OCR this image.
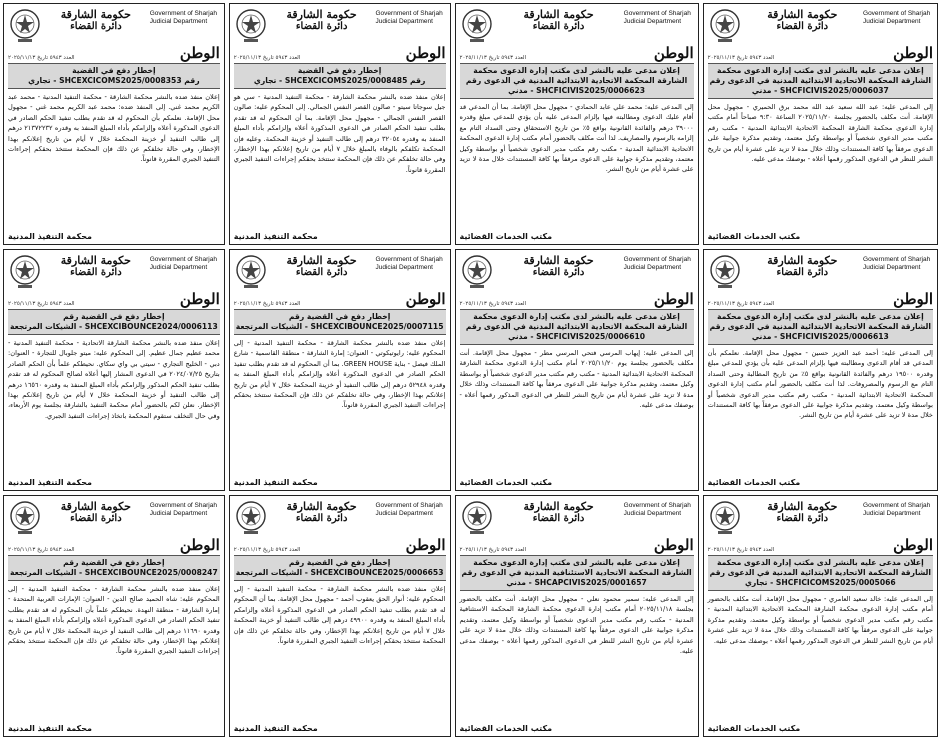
حكومة الشارقة
دائرة القضاء
Government of Sharjah
Judicial Department
العدد ٥٩٤٣ تاريخ ٢٠٢٥/١١/١٣	الوطن
إخطار دفع في القضية
رقم SHCEXCICOMS2025/0008353 - تجاري
إعلان منفذ ضده بالنشر محكمة الشارقة - محكمة التنفيذ المدنية - محمد عبد الكريم محمد غني. إلى المنفذ ضده: محمد عبد الكريم محمد غني - مجهول محل الإقامة. نعلمكم بأن المحكوم له قد تقدم بطلب تنفيذ الحكم الصادر في الدعوى المذكورة أعلاه وإلزامكم بأداء المبلغ المنفذ به وقدره ٢١٣٧٢٢٣٢ درهم إلى طالب التنفيذ أو خزينة المحكمة خلال ٧ أيام من تاريخ إعلانكم بهذا الإخطار، وفي حالة تخلفكم عن ذلك فإن المحكمة ستتخذ بحقكم إجراءات التنفيذ الجبري المقررة قانوناً.
محكمة التنفيذ المدنية
حكومة الشارقة
دائرة القضاء
Government of Sharjah
Judicial Department
العدد ٥٩٤٣ تاريخ ٢٠٢٥/١١/١٣	الوطن
إخطار دفع في القضية
رقم SHCEXCICOMS2025/0008485 - تجاري
إعلان منفذ ضده بالنشر محكمة الشارقة - محكمة التنفيذ المدنية - سي هو جيل سوجاتا سيتو - صالون القصر النفس الجمالي. إلى المحكوم عليه: صالون القصر النفس الجمالي - مجهول محل الإقامة. بما أن المحكوم له قد تقدم بطلب تنفيذ الحكم الصادر في الدعوى المذكورة أعلاه وإلزامكم بأداء المبلغ المنفذ به وقدره ٣٢٠٥٤ درهم إلى طالب التنفيذ أو خزينة المحكمة. وعليه فإن المحكمة تكلفكم بالوفاء بالمبلغ خلال ٧ أيام من تاريخ إعلانكم بهذا الإخطار، وفي حالة تخلفكم عن ذلك فإن المحكمة ستتخذ بحقكم إجراءات التنفيذ الجبري المقررة قانوناً.
محكمة التنفيذ المدنية
حكومة الشارقة
دائرة القضاء
Government of Sharjah
Judicial Department
العدد ٥٩٤٣ تاريخ ٢٠٢٥/١١/١٣	الوطن
إعلان مدعى عليه بالنشر لدى مكتب إدارة الدعوى محكمة
الشارقة المحكمة الاتحادية الابتدائية المدنية في الدعوى رقم
SHCFICIVIS2025/0006623 - مدني
إلى المدعى عليه: محمد علي عابد الحمادي - مجهول محل الإقامة. بما أن المدعي قد أقام عليك الدعوى ومطالبته فيها بإلزام المدعى عليه بأن يؤدي للمدعي مبلغ وقدره ٣٩٠٠٠ درهم والفائدة القانونية بواقع ٥٪ من تاريخ الاستحقاق وحتى السداد التام مع إلزامه بالرسوم والمصاريف. لذا أنت مكلف بالحضور أمام مكتب إدارة الدعوى المحكمة الاتحادية الابتدائية المدنية - مكتب رقم مكتب مدير الدعوى شخصياً أو بواسطة وكيل معتمد، وتقديم مذكرة جوابية على الدعوى مرفقاً بها كافة المستندات خلال مدة لا تزيد على عشرة أيام من تاريخ النشر.
مكتب الخدمات القضائية
حكومة الشارقة
دائرة القضاء
Government of Sharjah
Judicial Department
العدد ٥٩٤٣ تاريخ ٢٠٢٥/١١/١٣	الوطن
إعلان مدعى عليه بالنشر لدى مكتب إدارة الدعوى محكمة
الشارقة المحكمة الاتحادية الابتدائية المدنية في الدعوى رقم
SHCFICIVIS2025/0006037 - مدني
إلى المدعى عليه: عبد الله سعيد عبد الله محمد برق الحميري - مجهول محل الإقامة. أنت مكلف بالحضور بجلسة ٢٠٢٥/١١/٢٠ الساعة ٩:٣٠ صباحاً أمام مكتب إدارة الدعوى محكمة الشارقة المحكمة الاتحادية الابتدائية المدنية - مكتب رقم مكتب مدير الدعوى شخصياً أو بواسطة وكيل معتمد، وتقديم مذكرة جوابية على الدعوى مرفقاً بها كافة المستندات وذلك خلال مدة لا تزيد على عشرة أيام من تاريخ النشر للنظر في الدعوى المذكور رقمها أعلاه - بوصفك مدعى عليه.
مكتب الخدمات القضائية
حكومة الشارقة
دائرة القضاء
Government of Sharjah
Judicial Department
العدد ٥٩٤٣ تاريخ ٢٠٢٥/١١/١٣	الوطن
إخطار دفع في القضية رقم
SHCEXCIBOUNCE2024/0006113 - الشيكات المرتجعة
إعلان منفذ ضده بالنشر محكمة الشارقة الاتحادية - محكمة التنفيذ المدنية - محمد عظيم جمال عظيم. إلى المحكوم عليه: ميتو جلوبال للتجارة - العنوان: دبي - الخليج التجاري - سيتي بي واي سكاي. نحيطكم علماً بأن الحكم الصادر بتاريخ ٢٠٢٤/٠٧/٢٥ في الدعوى المشار إليها أعلاه لصالح المحكوم له قد تقدم بطلب تنفيذ الحكم المذكور وإلزامكم بأداء المبلغ المنفذ به وقدره ١٦٥٦٠ درهم إلى طالب التنفيذ أو خزينة المحكمة خلال ٧ أيام من تاريخ إعلانكم بهذا الإخطار. نعلن لكم بالحضور أمام محكمة التنفيذ بالشارقة بجلسة يوم الأربعاء، وفي حال التخلف ستقوم المحكمة باتخاذ إجراءات التنفيذ الجبري.
محكمة التنفيذ المدنية
حكومة الشارقة
دائرة القضاء
Government of Sharjah
Judicial Department
العدد ٥٩٤٣ تاريخ ٢٠٢٥/١١/١٣	الوطن
إخطار دفع في القضية رقم
SHCEXCIBOUNCE2025/0007115 - الشيكات المرتجعة
إعلان منفذ ضده بالنشر محكمة الشارقة - محكمة التنفيذ المدنية - إلى المحكوم عليه: رايوتيكوتي - العنوان: إمارة الشارقة - منطقة القاسمية - شارع الملك فيصل - بناية GREEN HOUSE. بما أن المحكوم له قد تقدم بطلب تنفيذ الحكم الصادر في الدعوى المذكورة أعلاه وإلزامكم بأداء المبلغ المنفذ به وقدره ٥٢٩٤٨ درهم إلى طالب التنفيذ أو خزينة المحكمة خلال ٧ أيام من تاريخ إعلانكم بهذا الإخطار، وفي حالة تخلفكم عن ذلك فإن المحكمة ستتخذ بحقكم إجراءات التنفيذ الجبري المقررة قانوناً.
محكمة التنفيذ المدنية
حكومة الشارقة
دائرة القضاء
Government of Sharjah
Judicial Department
العدد ٥٩٤٣ تاريخ ٢٠٢٥/١١/١٣	الوطن
إعلان مدعى عليه بالنشر لدى مكتب إدارة الدعوى محكمة
الشارقة المحكمة الاتحادية الابتدائية المدنية في الدعوى رقم
SHCFICIVIS2025/0006610 - مدني
إلى المدعى عليه: إيهاب المرسي فتحي المرسي مطر - مجهول محل الإقامة. أنت مكلف بالحضور بجلسة يوم ٢٠٢٥/١١/٢٠ أمام مكتب إدارة الدعوى محكمة الشارقة المحكمة الاتحادية الابتدائية المدنية - مكتب رقم مكتب مدير الدعوى شخصياً أو بواسطة وكيل معتمد، وتقديم مذكرة جوابية على الدعوى مرفقاً بها كافة المستندات وذلك خلال مدة لا تزيد على عشرة أيام من تاريخ النشر للنظر في الدعوى المذكور رقمها أعلاه - بوصفك مدعى عليه.
مكتب الخدمات القضائية
حكومة الشارقة
دائرة القضاء
Government of Sharjah
Judicial Department
العدد ٥٩٤٣ تاريخ ٢٠٢٥/١١/١٣	الوطن
إعلان مدعى عليه بالنشر لدى مكتب إدارة الدعوى محكمة
الشارقة المحكمة الاتحادية الابتدائية المدنية في الدعوى رقم
SHCFICIVIS2025/0006613 - مدني
إلى المدعى عليه: أحمد عبد العزيز حسين - مجهول محل الإقامة. نعلمكم بأن المدعي قد أقام الدعوى ومطالبته فيها بإلزام المدعى عليه بأن يؤدي للمدعي مبلغ وقدره ١٩٥٠٠ درهم والفائدة القانونية بواقع ٥٪ من تاريخ المطالبة وحتى السداد التام مع الرسوم والمصروفات. لذا أنت مكلف بالحضور أمام مكتب إدارة الدعوى المحكمة الاتحادية الابتدائية المدنية - مكتب رقم مكتب مدير الدعوى شخصياً أو بواسطة وكيل معتمد، وتقديم مذكرة جوابية على الدعوى مرفقاً بها كافة المستندات خلال مدة لا تزيد على عشرة أيام من تاريخ النشر.
مكتب الخدمات القضائية
حكومة الشارقة
دائرة القضاء
Government of Sharjah
Judicial Department
العدد ٥٩٤٣ تاريخ ٢٠٢٥/١١/١٣	الوطن
إخطار دفع في القضية رقم
SHCEXCIBOUNCE2025/0008247 - الشيكات المرتجعة
إعلان منفذ ضده بالنشر محكمة الشارقة - محكمة التنفيذ المدنية - إلى المحكوم عليه: شاه الحميد صالح الدين - العنوان: الإمارات العربية المتحدة - إمارة الشارقة - منطقة النهدة. نحيطكم علماً بأن المحكوم له قد تقدم بطلب تنفيذ الحكم الصادر في الدعوى المذكورة أعلاه وإلزامكم بأداء المبلغ المنفذ به وقدره ١١٦٩٠ درهم إلى طالب التنفيذ أو خزينة المحكمة خلال ٧ أيام من تاريخ إعلانكم بهذا الإخطار، وفي حالة تخلفكم عن ذلك فإن المحكمة ستتخذ بحقكم إجراءات التنفيذ الجبري المقررة قانوناً.
محكمة التنفيذ المدنية
حكومة الشارقة
دائرة القضاء
Government of Sharjah
Judicial Department
العدد ٥٩٤٣ تاريخ ٢٠٢٥/١١/١٣	الوطن
إخطار دفع في القضية رقم
SHCEXCIBOUNCE2025/0006653 - الشيكات المرتجعة
إعلان منفذ ضده بالنشر محكمة الشارقة - محكمة التنفيذ المدنية - إلى المحكوم عليه: أنوار الحق يعقوب أحمد - مجهول محل الإقامة. بما أن المحكوم له قد تقدم بطلب تنفيذ الحكم الصادر في الدعوى المذكورة أعلاه وإلزامكم بأداء المبلغ المنفذ به وقدره ٤٩٩٠٠ درهم إلى طالب التنفيذ أو خزينة المحكمة خلال ٧ أيام من تاريخ إعلانكم بهذا الإخطار، وفي حالة تخلفكم عن ذلك فإن المحكمة ستتخذ بحقكم إجراءات التنفيذ الجبري المقررة قانوناً.
محكمة التنفيذ المدنية
حكومة الشارقة
دائرة القضاء
Government of Sharjah
Judicial Department
العدد ٥٩٤٣ تاريخ ٢٠٢٥/١١/١٣	الوطن
إعلان مدعى عليه بالنشر لدى مكتب إدارة الدعوى محكمة
الشارقة المحكمة الاتحادية الاستئنافية المدنية في الدعوى رقم
SHCAPCIVIS2025/0001657 - مدني
إلى المدعى عليه: سمير محمود نعلي - مجهول محل الإقامة. أنت مكلف بالحضور بجلسة ٢٠٢٥/١١/١٨ أمام مكتب إدارة الدعوى محكمة الشارقة المحكمة الاستئنافية المدنية - مكتب رقم مكتب مدير الدعوى شخصياً أو بواسطة وكيل معتمد، وتقديم مذكرة جوابية على الدعوى مرفقاً بها كافة المستندات وذلك خلال مدة لا تزيد على عشرة أيام من تاريخ النشر للنظر في الدعوى المذكور رقمها أعلاه - بوصفك مدعى عليه.
مكتب الخدمات القضائية
حكومة الشارقة
دائرة القضاء
Government of Sharjah
Judicial Department
العدد ٥٩٤٣ تاريخ ٢٠٢٥/١١/١٣	الوطن
إعلان مدعى عليه بالنشر لدى مكتب إدارة الدعوى محكمة
الشارقة المحكمة الاتحادية الابتدائية المدنية في الدعوى رقم
SHCFICICOMS2025/0005066 - تجاري
إلى المدعى عليه: خالد سعيد العامري - مجهول محل الإقامة. أنت مكلف بالحضور أمام مكتب إدارة الدعوى محكمة الشارقة المحكمة الاتحادية الابتدائية المدنية - مكتب رقم مكتب مدير الدعوى شخصياً أو بواسطة وكيل معتمد، وتقديم مذكرة جوابية على الدعوى مرفقاً بها كافة المستندات وذلك خلال مدة لا تزيد على عشرة أيام من تاريخ النشر للنظر في الدعوى المذكور رقمها أعلاه - بوصفك مدعى عليه.
مكتب الخدمات القضائية
